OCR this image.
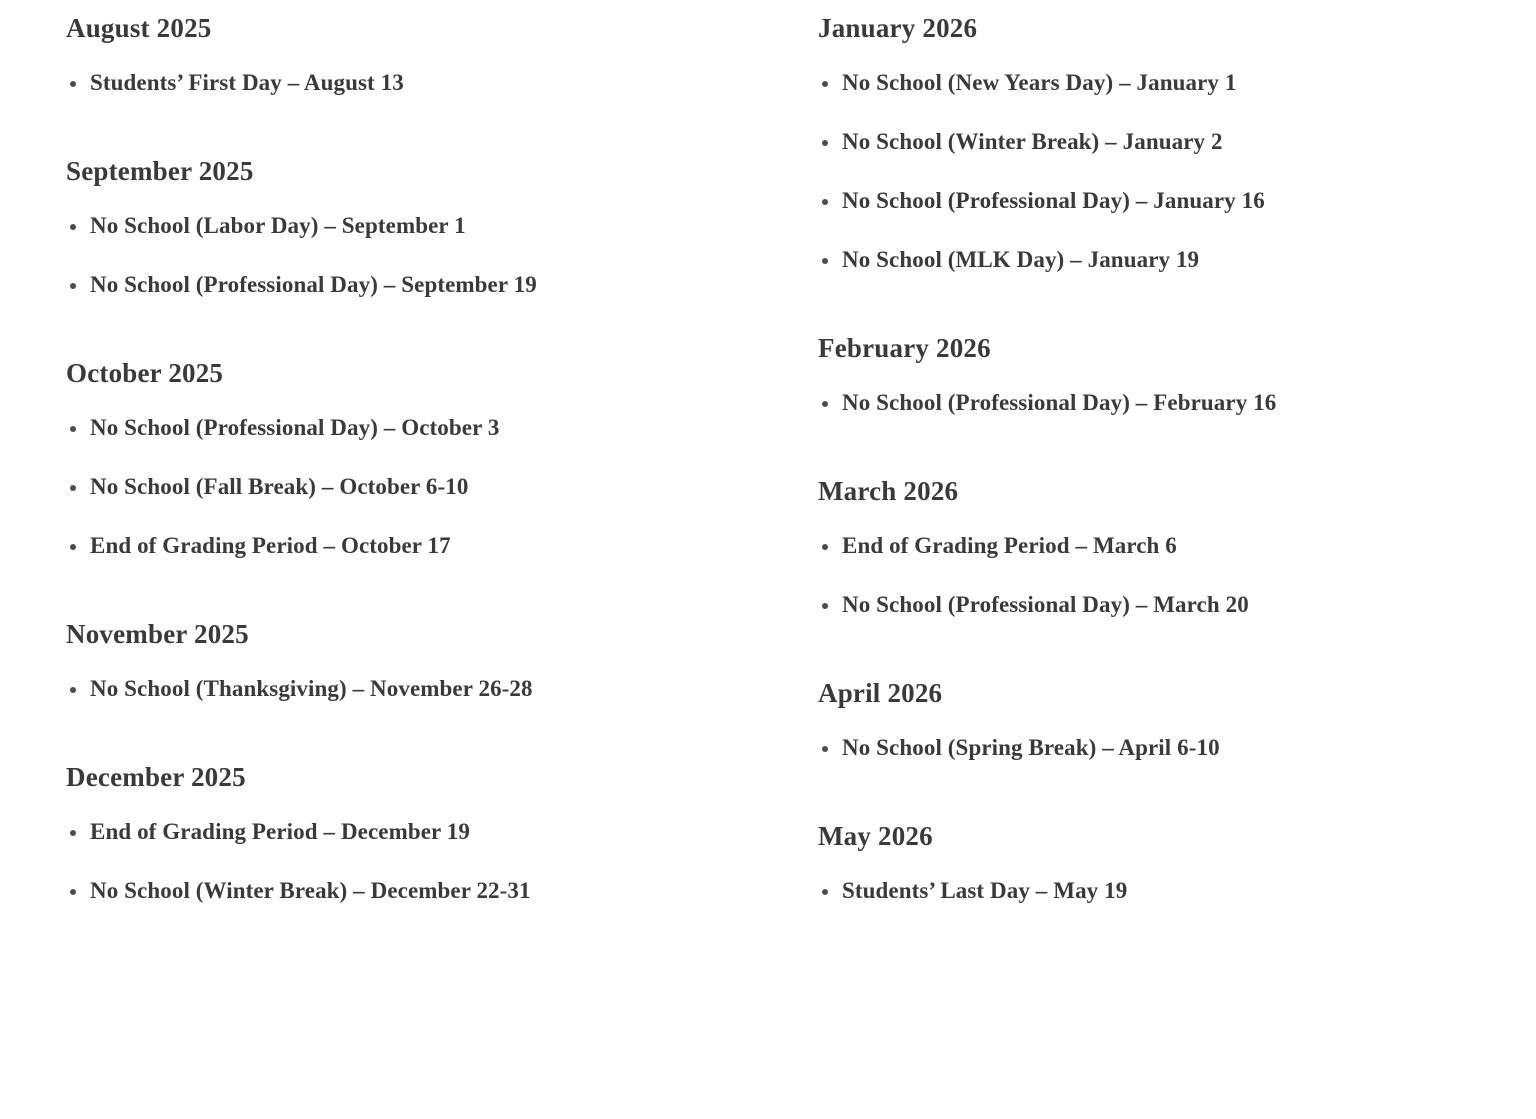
August 2025
Students’ First Day – August 13
September 2025
No School (Labor Day) – September 1
No School (Professional Day) – September 19
October 2025
No School (Professional Day) – October 3
No School (Fall Break) – October 6-10
End of Grading Period – October 17
November 2025
No School (Thanksgiving) – November 26-28
December 2025
End of Grading Period – December 19
No School (Winter Break) – December 22-31
January 2026
No School (New Years Day) – January 1
No School (Winter Break) – January 2
No School (Professional Day) – January 16
No School (MLK Day) – January 19
February 2026
No School (Professional Day) – February 16
March 2026
End of Grading Period – March 6
No School (Professional Day) – March 20
April 2026
No School (Spring Break) – April 6-10
May 2026
Students’ Last Day – May 19
